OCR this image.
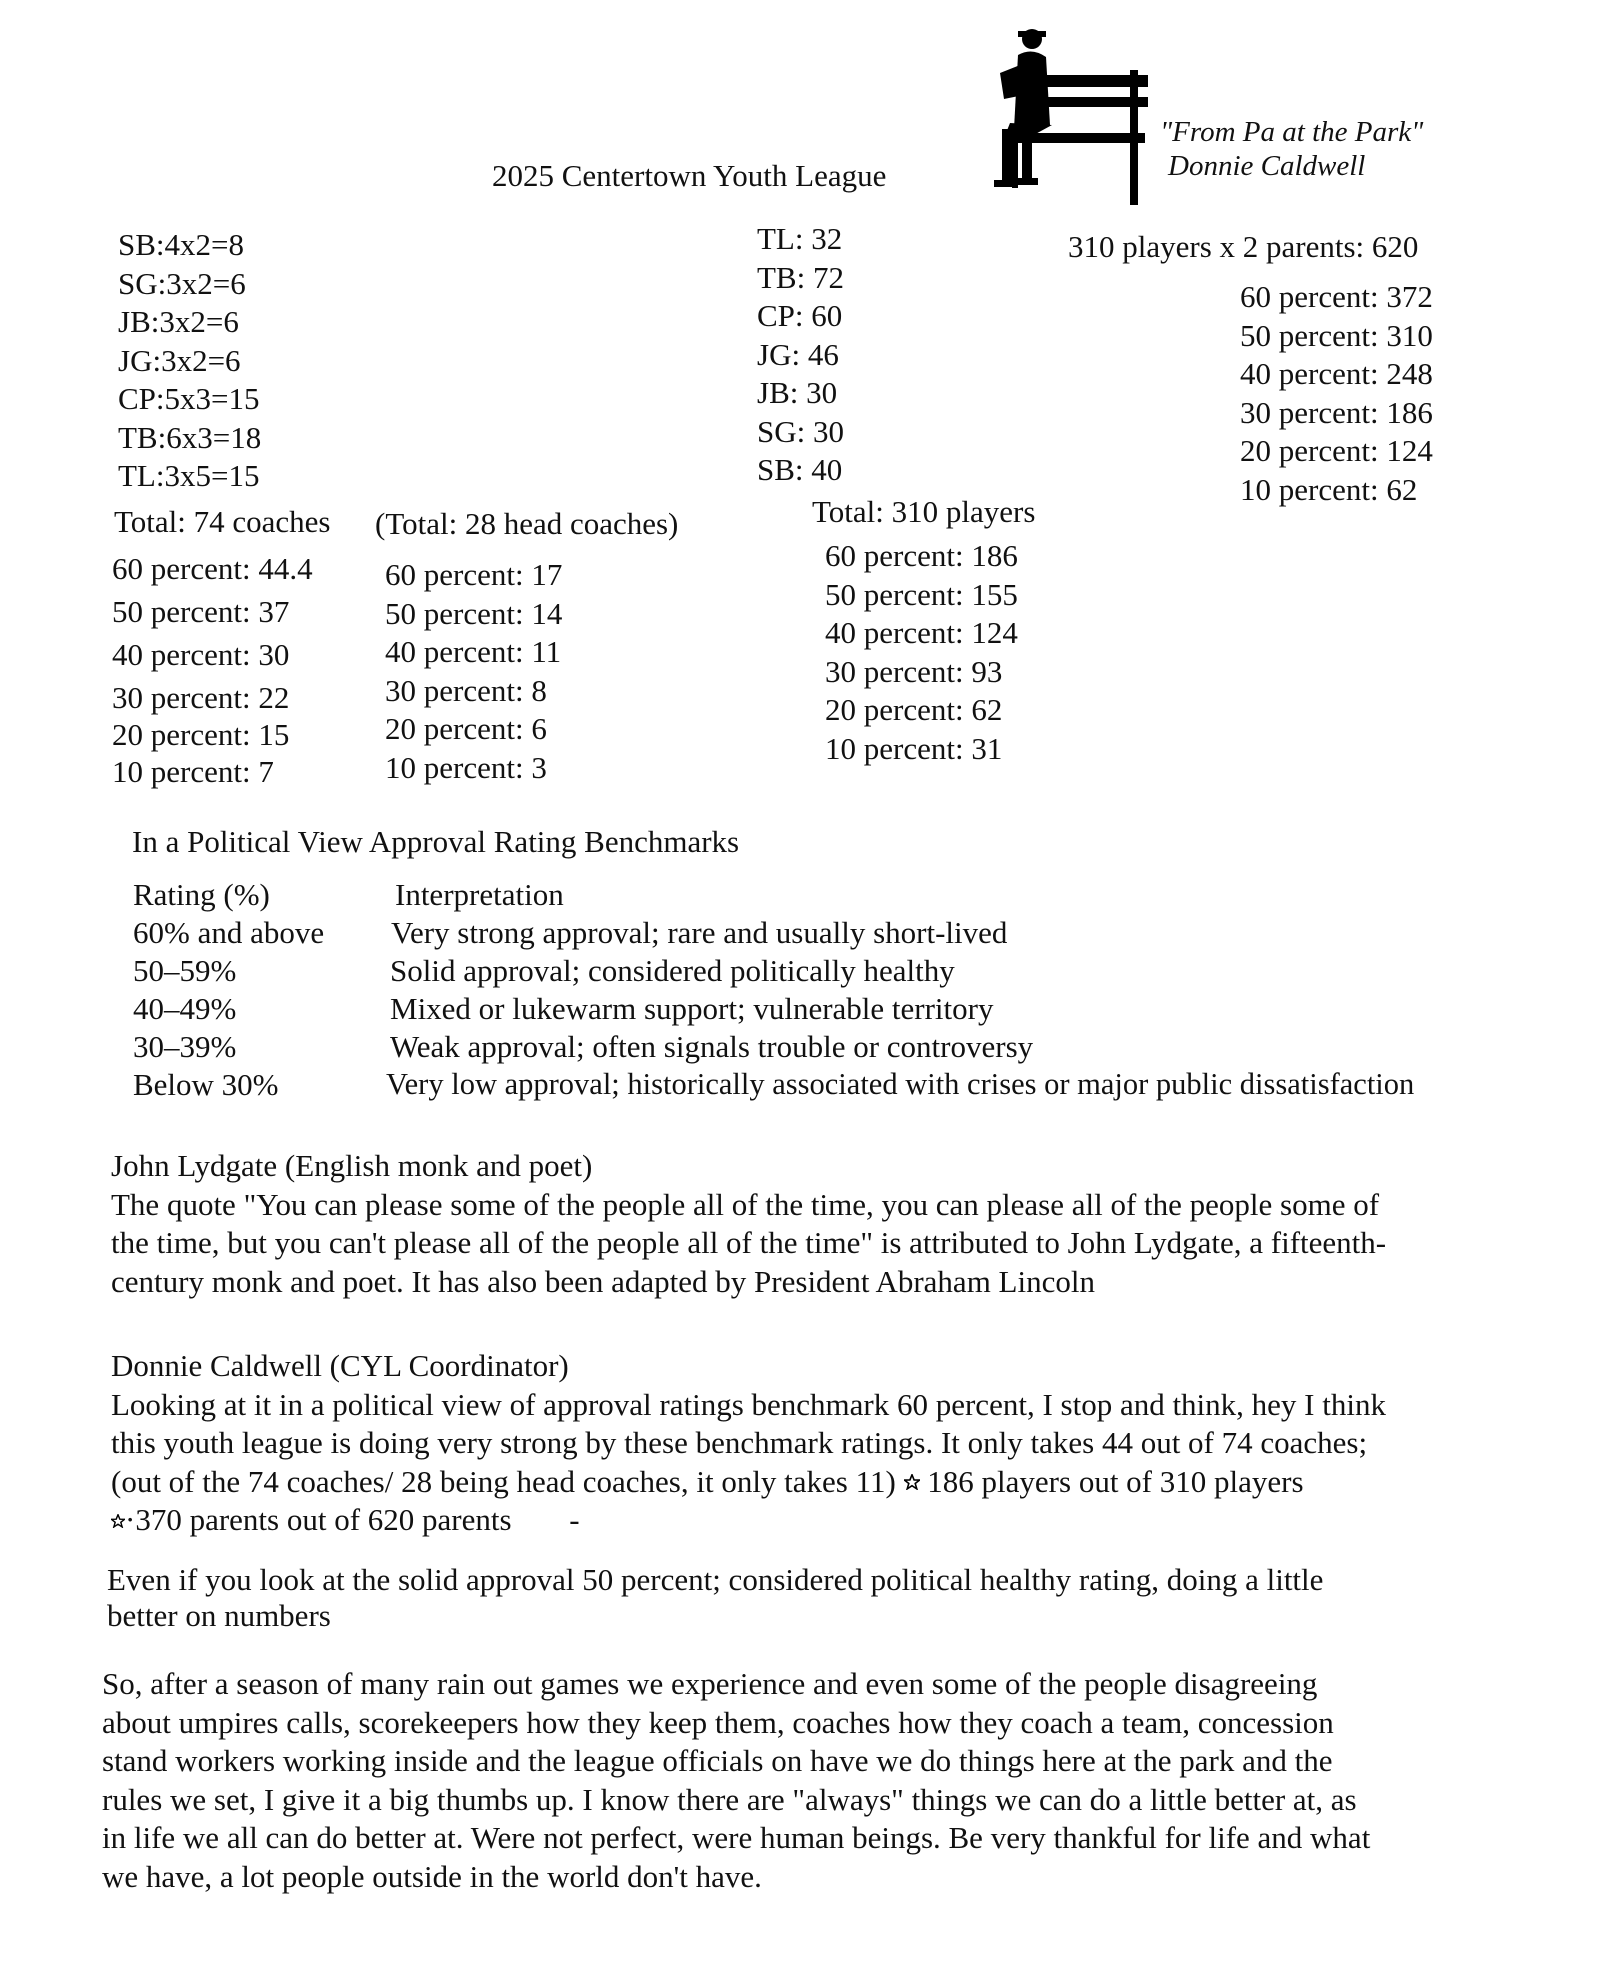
2025 Centertown Youth League
"From Pa at the Park"
Donnie Caldwell
SB:4x2=8
SG:3x2=6
JB:3x2=6
JG:3x2=6
CP:5x3=15
TB:6x3=18
TL:3x5=15
Total: 74 coaches (Total: 28 head coaches)
60 percent: 44.4
50 percent: 37
40 percent: 30
30 percent: 22
20 percent: 15
10 percent: 7
60 percent: 17
50 percent: 14
40 percent: 11
30 percent: 8
20 percent: 6
10 percent: 3
TL: 32
TB: 72
CP: 60
JG: 46
JB: 30
SG: 30
SB: 40
Total: 310 players
60 percent: 186
50 percent: 155
40 percent: 124
30 percent: 93
20 percent: 62
10 percent: 31
310 players x 2 parents: 620
60 percent: 372
50 percent: 310
40 percent: 248
30 percent: 186
20 percent: 124
10 percent: 62
In a Political View Approval Rating Benchmarks
Rating (%)	Interpretation
60% and above Very strong approval; rare and usually short-lived
50–59%	Solid approval; considered politically healthy
40–49%	Mixed or lukewarm support; vulnerable territory
30–39%	Weak approval; often signals trouble or controversy
Below 30%	Very low approval; historically associated with crises or major public dissatisfaction
John Lydgate (English monk and poet)
The quote "You can please some of the people all of the time, you can please all of the people some of
the time, but you can't please all of the people all of the time" is attributed to John Lydgate, a fifteenth-
century monk and poet. It has also been adapted by President Abraham Lincoln
Donnie Caldwell (CYL Coordinator)
Looking at it in a political view of approval ratings benchmark 60 percent, I stop and think, hey I think
this youth league is doing very strong by these benchmark ratings. It only takes 44 out of 74 coaches;
(out of the 74 coaches/ 28 being head coaches, it only takes 11) 186 players out of 310 players
·370 parents out of 620 parents -
Even if you look at the solid approval 50 percent; considered political healthy rating, doing a little
better on numbers
So, after a season of many rain out games we experience and even some of the people disagreeing
about umpires calls, scorekeepers how they keep them, coaches how they coach a team, concession
stand workers working inside and the league officials on have we do things here at the park and the
rules we set, I give it a big thumbs up. I know there are "always" things we can do a little better at, as
in life we all can do better at. Were not perfect, were human beings. Be very thankful for life and what
we have, a lot people outside in the world don't have.
